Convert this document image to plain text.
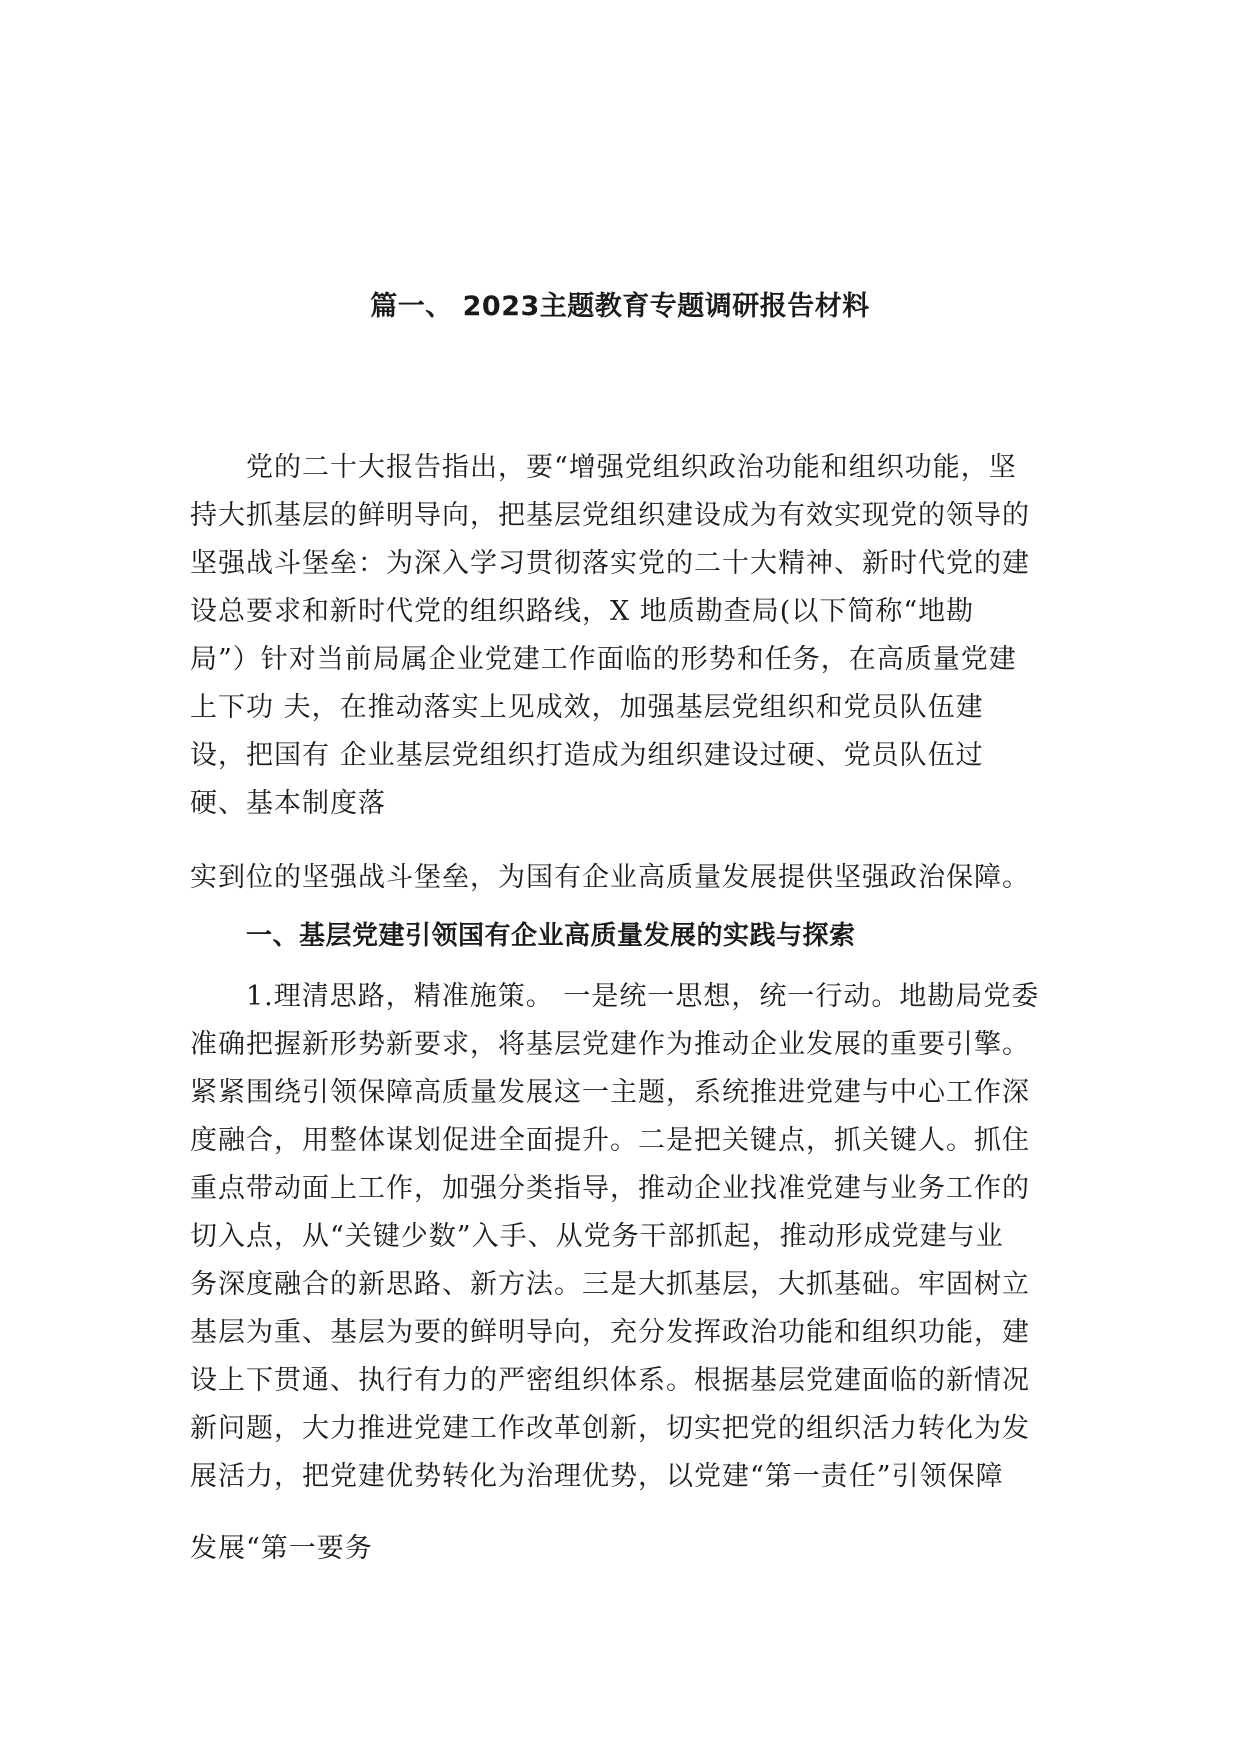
篇一、 2023主题教育专题调研报告材料
党的二十大报告指出，要“增强党组织政治功能和组织功能，坚
持大抓基层的鲜明导向，把基层党组织建设成为有效实现党的领导的
坚强战斗堡垒：为深入学习贯彻落实党的二十大精神、新时代党的建
设总要求和新时代党的组织路线，X 地质勘查局(以下简称“地勘
局”）针对当前局属企业党建工作面临的形势和任务，在高质量党建
上下功 夫，在推动落实上见成效，加强基层党组织和党员队伍建
设，把国有 企业基层党组织打造成为组织建设过硬、党员队伍过
硬、基本制度落
实到位的坚强战斗堡垒，为国有企业高质量发展提供坚强政治保障。
一、基层党建引领国有企业高质量发展的实践与探索
1.理清思路，精准施策。 一是统一思想，统一行动。地勘局党委
准确把握新形势新要求，将基层党建作为推动企业发展的重要引擎。
紧紧围绕引领保障高质量发展这一主题，系统推进党建与中心工作深
度融合，用整体谋划促进全面提升。二是把关键点，抓关键人。抓住
重点带动面上工作，加强分类指导，推动企业找准党建与业务工作的
切入点，从“关键少数”入手、从党务干部抓起，推动形成党建与业
务深度融合的新思路、新方法。三是大抓基层，大抓基础。牢固树立
基层为重、基层为要的鲜明导向，充分发挥政治功能和组织功能，建
设上下贯通、执行有力的严密组织体系。根据基层党建面临的新情况
新问题，大力推进党建工作改革创新，切实把党的组织活力转化为发
展活力，把党建优势转化为治理优势，以党建“第一责任”引领保障
发展“第一要务
